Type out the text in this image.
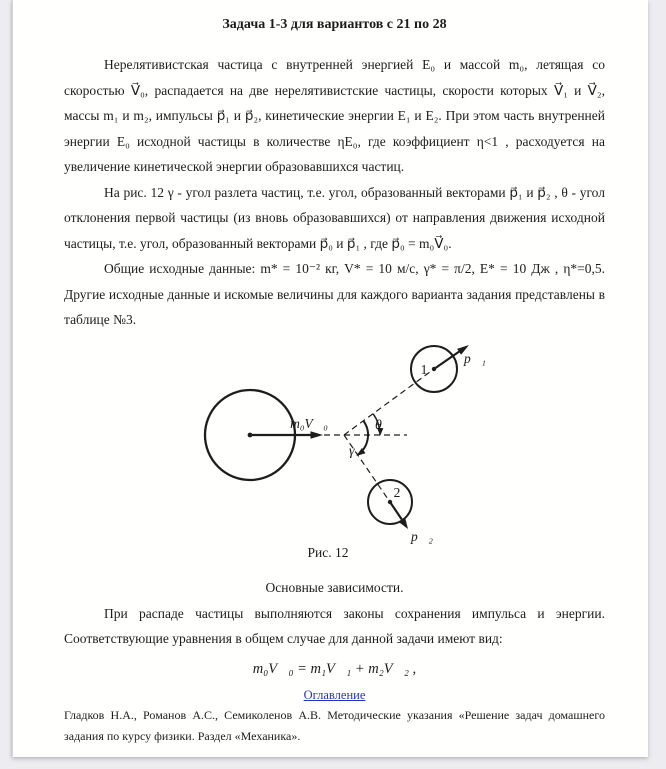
Задача 1-3 для вариантов с 21 по 28

Нерелятивистская частица с внутренней энергией E₀ и массой m₀, летящая со скоростью V⃗₀, распадается на две нерелятивистские частицы, скорости которых V⃗₁ и V⃗₂, массы m₁ и m₂, импульсы p⃗₁ и p⃗₂, кинетические энергии E₁ и E₂. При этом часть внутренней энергии E₀ исходной частицы в количестве ηE₀, где коэффициент η<1 , расходуется на увеличение кинетической энергии образовавшихся частиц.

На рис. 12 γ - угол разлета частиц, т.е. угол, образованный векторами p⃗₁ и p⃗₂ , θ - угол отклонения первой частицы (из вновь образовавшихся) от направления движения исходной частицы, т.е. угол, образованный векторами p⃗₀ и p⃗₁ , где p⃗₀ = m₀V⃗₀.

Общие исходные данные: m* = 10⁻² кг, V* = 10 м/с, γ* = π/2, E* = 10 Дж , η*=0,5. Другие исходные данные и искомые величины для каждого варианта задания представлены в таблице №3.

m₀V⃗₀	θ
γ
1
2
p⃗₁
p⃗₂
Рис. 12
Основные зависимости.

При распаде частицы выполняются законы сохранения импульса и энергии. Соответствующие уравнения в общем случае для данной задачи имеют вид:

m₀V⃗₀ = m₁V⃗₁ + m₂V⃗₂ ,
Оглавление

Гладков Н.А., Романов А.С., Семиколенов А.В. Методические указания «Решение задач домашнего задания по курсу физики. Раздел «Механика».
